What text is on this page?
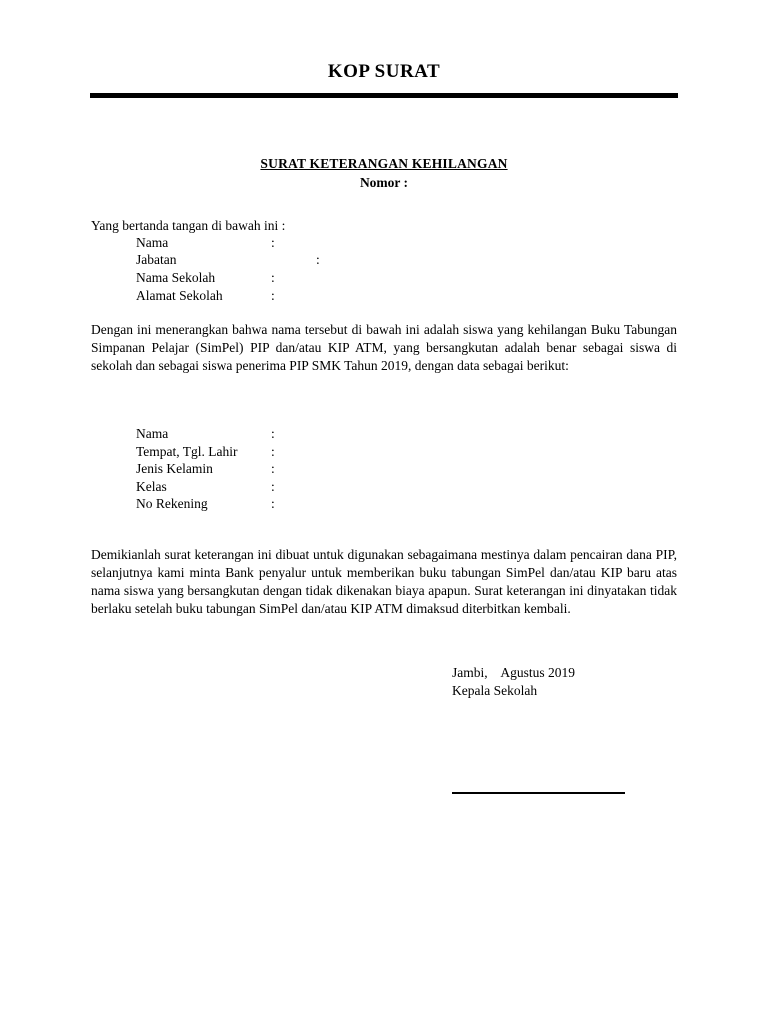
KOP SURAT
SURAT KETERANGAN KEHILANGAN
Nomor :
Yang bertanda tangan di bawah ini :
Nama	:
Jabatan	:
Nama Sekolah	:
Alamat Sekolah	:
Dengan ini menerangkan bahwa nama tersebut di bawah ini adalah siswa yang kehilangan Buku Tabungan Simpanan Pelajar (SimPel) PIP dan/atau KIP ATM, yang bersangkutan adalah benar sebagai siswa di sekolah dan sebagai siswa penerima PIP SMK Tahun 2019, dengan data sebagai berikut:
Nama	:
Tempat, Tgl. Lahir :
Jenis Kelamin	:
Kelas	:
No Rekening	:
Demikianlah surat keterangan ini dibuat untuk digunakan sebagaimana mestinya dalam pencairan dana PIP, selanjutnya kami minta Bank penyalur untuk memberikan buku tabungan SimPel dan/atau KIP baru atas nama siswa yang bersangkutan dengan tidak dikenakan biaya apapun. Surat keterangan ini dinyatakan tidak berlaku setelah buku tabungan SimPel dan/atau KIP ATM dimaksud diterbitkan kembali.
Jambi,    Agustus 2019
Kepala Sekolah
